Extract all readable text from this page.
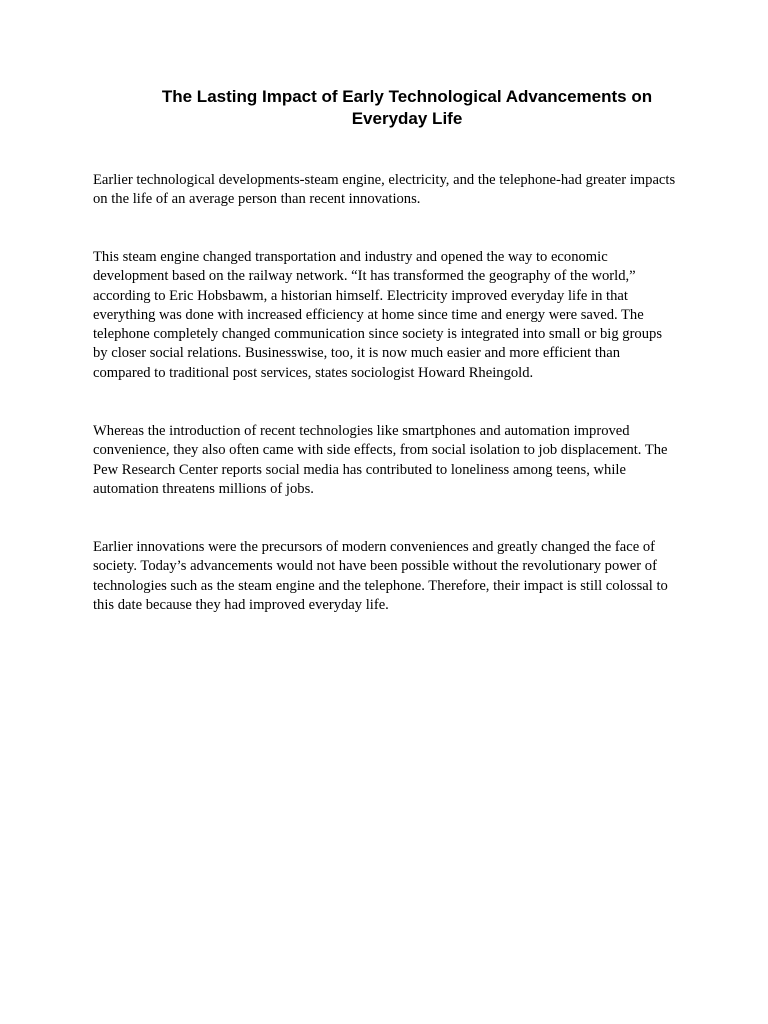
The Lasting Impact of Early Technological Advancements on Everyday Life

Earlier technological developments-steam engine, electricity, and the telephone-had greater impacts on the life of an average person than recent innovations.

This steam engine changed transportation and industry and opened the way to economic development based on the railway network. “It has transformed the geography of the world,” according to Eric Hobsbawm, a historian himself. Electricity improved everyday life in that everything was done with increased efficiency at home since time and energy were saved. The telephone completely changed communication since society is integrated into small or big groups by closer social relations. Businesswise, too, it is now much easier and more efficient than compared to traditional post services, states sociologist Howard Rheingold.

Whereas the introduction of recent technologies like smartphones and automation improved convenience, they also often came with side effects, from social isolation to job displacement. The Pew Research Center reports social media has contributed to loneliness among teens, while automation threatens millions of jobs.

Earlier innovations were the precursors of modern conveniences and greatly changed the face of society. Today’s advancements would not have been possible without the revolutionary power of technologies such as the steam engine and the telephone. Therefore, their impact is still colossal to this date because they had improved everyday life.
